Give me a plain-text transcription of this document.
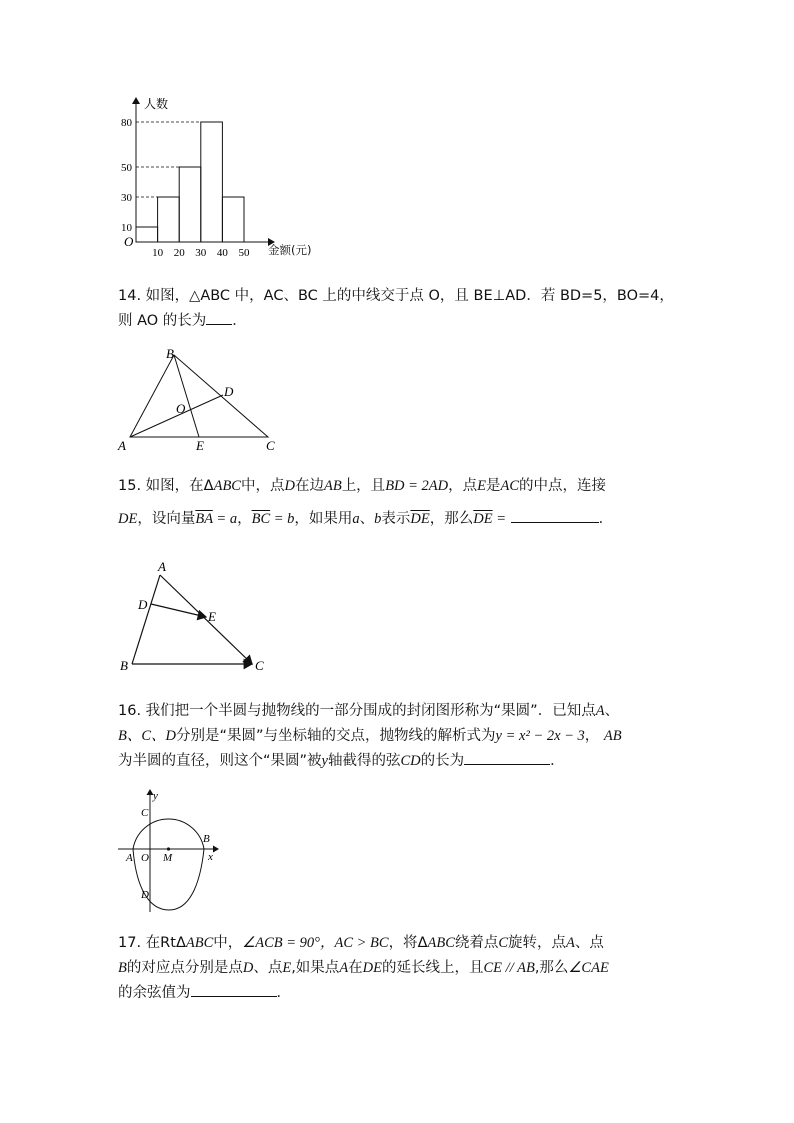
10
30
50
80
10 20 30 40 50
人数
O
金额(元)
14. 如图，△ABC 中，AC、BC 上的中线交于点 O，且 BE⊥AD．若 BD=5，BO=4，
则 AO 的长为 ．
B
D
O
A	E	C
15. 如图，在ΔABC中，点D在边AB上，且BD = 2AD，点E是AC的中点，连接
DE，设向量$\overline{BA} = a$，$\overline{BC} = b$，如果用a、b表示$\overline{DE}$，那么$\overline{DE}$ =	．
A
D
E
B	C
16. 我们把一个半圆与抛物线的一部分围成的封闭图形称为“果圆”．已知点A、
B、C、D分别是“果圆”与坐标轴的交点，抛物线的解析式为y = x² − 2x − 3， AB
为半圆的直径，则这个“果圆”被y轴截得的弦CD的长为	．
y
x
C
B
A O M
D
17. 在RtΔABC中，∠ACB = 90°，AC > BC，将ΔABC绕着点C旋转，点A、点
B的对应点分别是点D、点E,如果点A在DE的延长线上，且CE // AB,那么∠CAE
的余弦值为	．
